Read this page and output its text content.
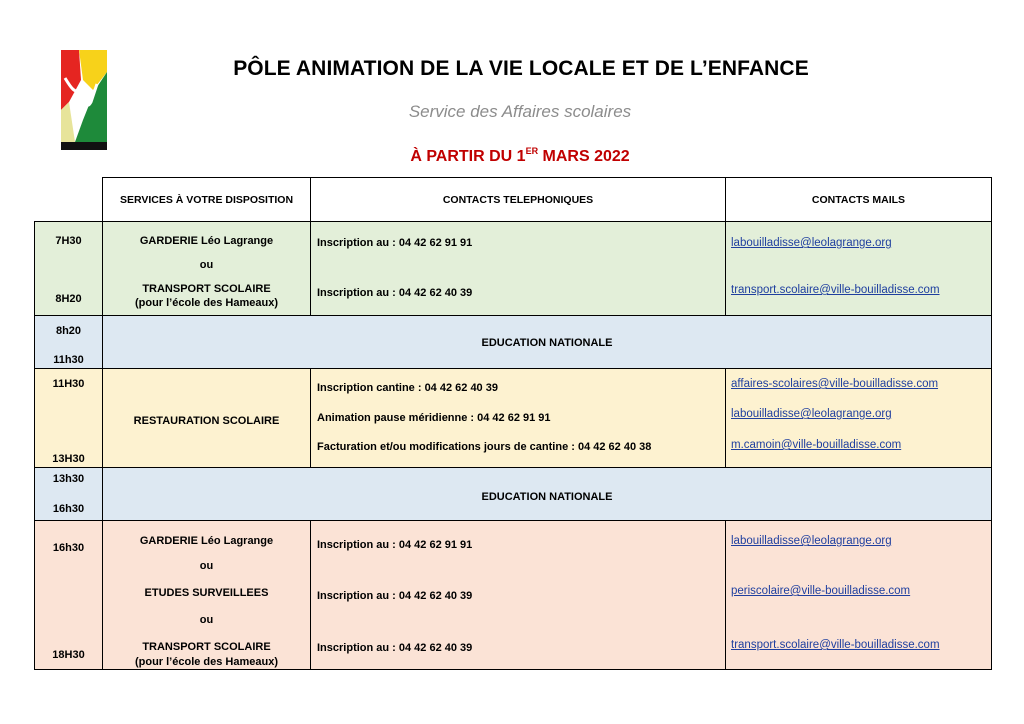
PÔLE ANIMATION DE LA VIE LOCALE ET DE L’ENFANCE
Service des Affaires scolaires
À PARTIR DU 1ER MARS 2022
SERVICES À VOTRE DISPOSITION	CONTACTS TELEPHONIQUES	CONTACTS MAILS
7H30
8H20
GARDERIE Léo Lagrange
ou
TRANSPORT SCOLAIRE
(pour l’école des Hameaux)
Inscription au : 04 42 62 91 91
Inscription au : 04 42 62 40 39
labouilladisse@leolagrange.org
transport.scolaire@ville-bouilladisse.com
8h20
11h30
EDUCATION NATIONALE
11H30
13H30
RESTAURATION SCOLAIRE
Inscription cantine : 04 42 62 40 39
Animation pause méridienne : 04 42 62 91 91
Facturation et/ou modifications jours de cantine : 04 42 62 40 38
affaires-scolaires@ville-bouilladisse.com
labouilladisse@leolagrange.org
m.camoin@ville-bouilladisse.com
13h30
16h30
EDUCATION NATIONALE
16h30
18H30
GARDERIE Léo Lagrange
ou
ETUDES SURVEILLEES
ou
TRANSPORT SCOLAIRE
(pour l’école des Hameaux)
Inscription au : 04 42 62 91 91
Inscription au : 04 42 62 40 39
Inscription au : 04 42 62 40 39
labouilladisse@leolagrange.org
periscolaire@ville-bouilladisse.com
transport.scolaire@ville-bouilladisse.com
